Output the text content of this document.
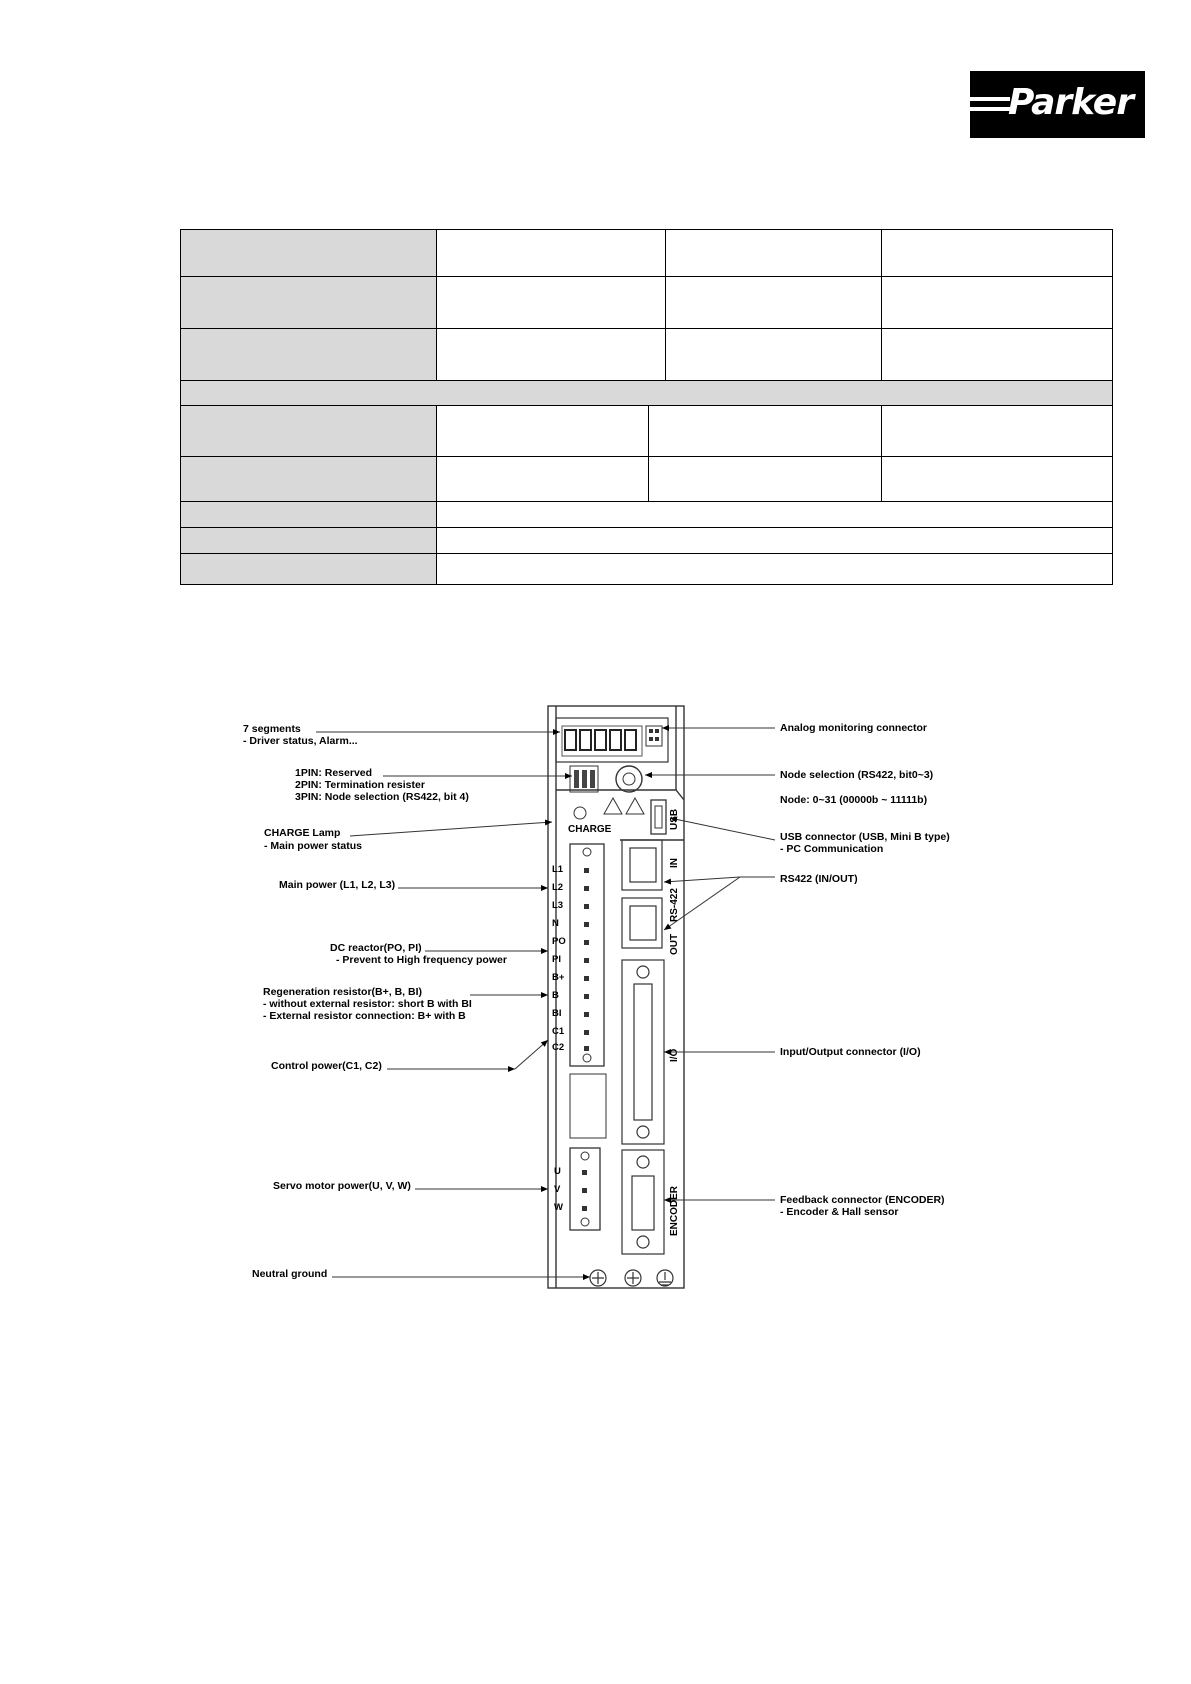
Parker

CHARGE	USB
IN
RS-422
OUT
L1
L2
L3
N
PO
PI
B+
B
BI
C1
C2
I/O
U
V
W	ENCODER
7 segments
- Driver status, Alarm...
1PIN: Reserved
2PIN: Termination resister
3PIN: Node selection (RS422, bit 4)
CHARGE Lamp
- Main power status
Main power (L1, L2, L3)
DC reactor(PO, PI)
- Prevent to High frequency power
Regeneration resistor(B+, B, BI)
- without external resistor: short B with BI
- External resistor connection: B+ with B
Control power(C1, C2)
Servo motor power(U, V, W)
Neutral ground
Analog monitoring connector
Node selection (RS422, bit0~3)
Node: 0~31 (00000b ~ 11111b)
USB connector (USB, Mini B type)
- PC Communication
RS422 (IN/OUT)
Input/Output connector (I/O)
Feedback connector (ENCODER)
- Encoder & Hall sensor
